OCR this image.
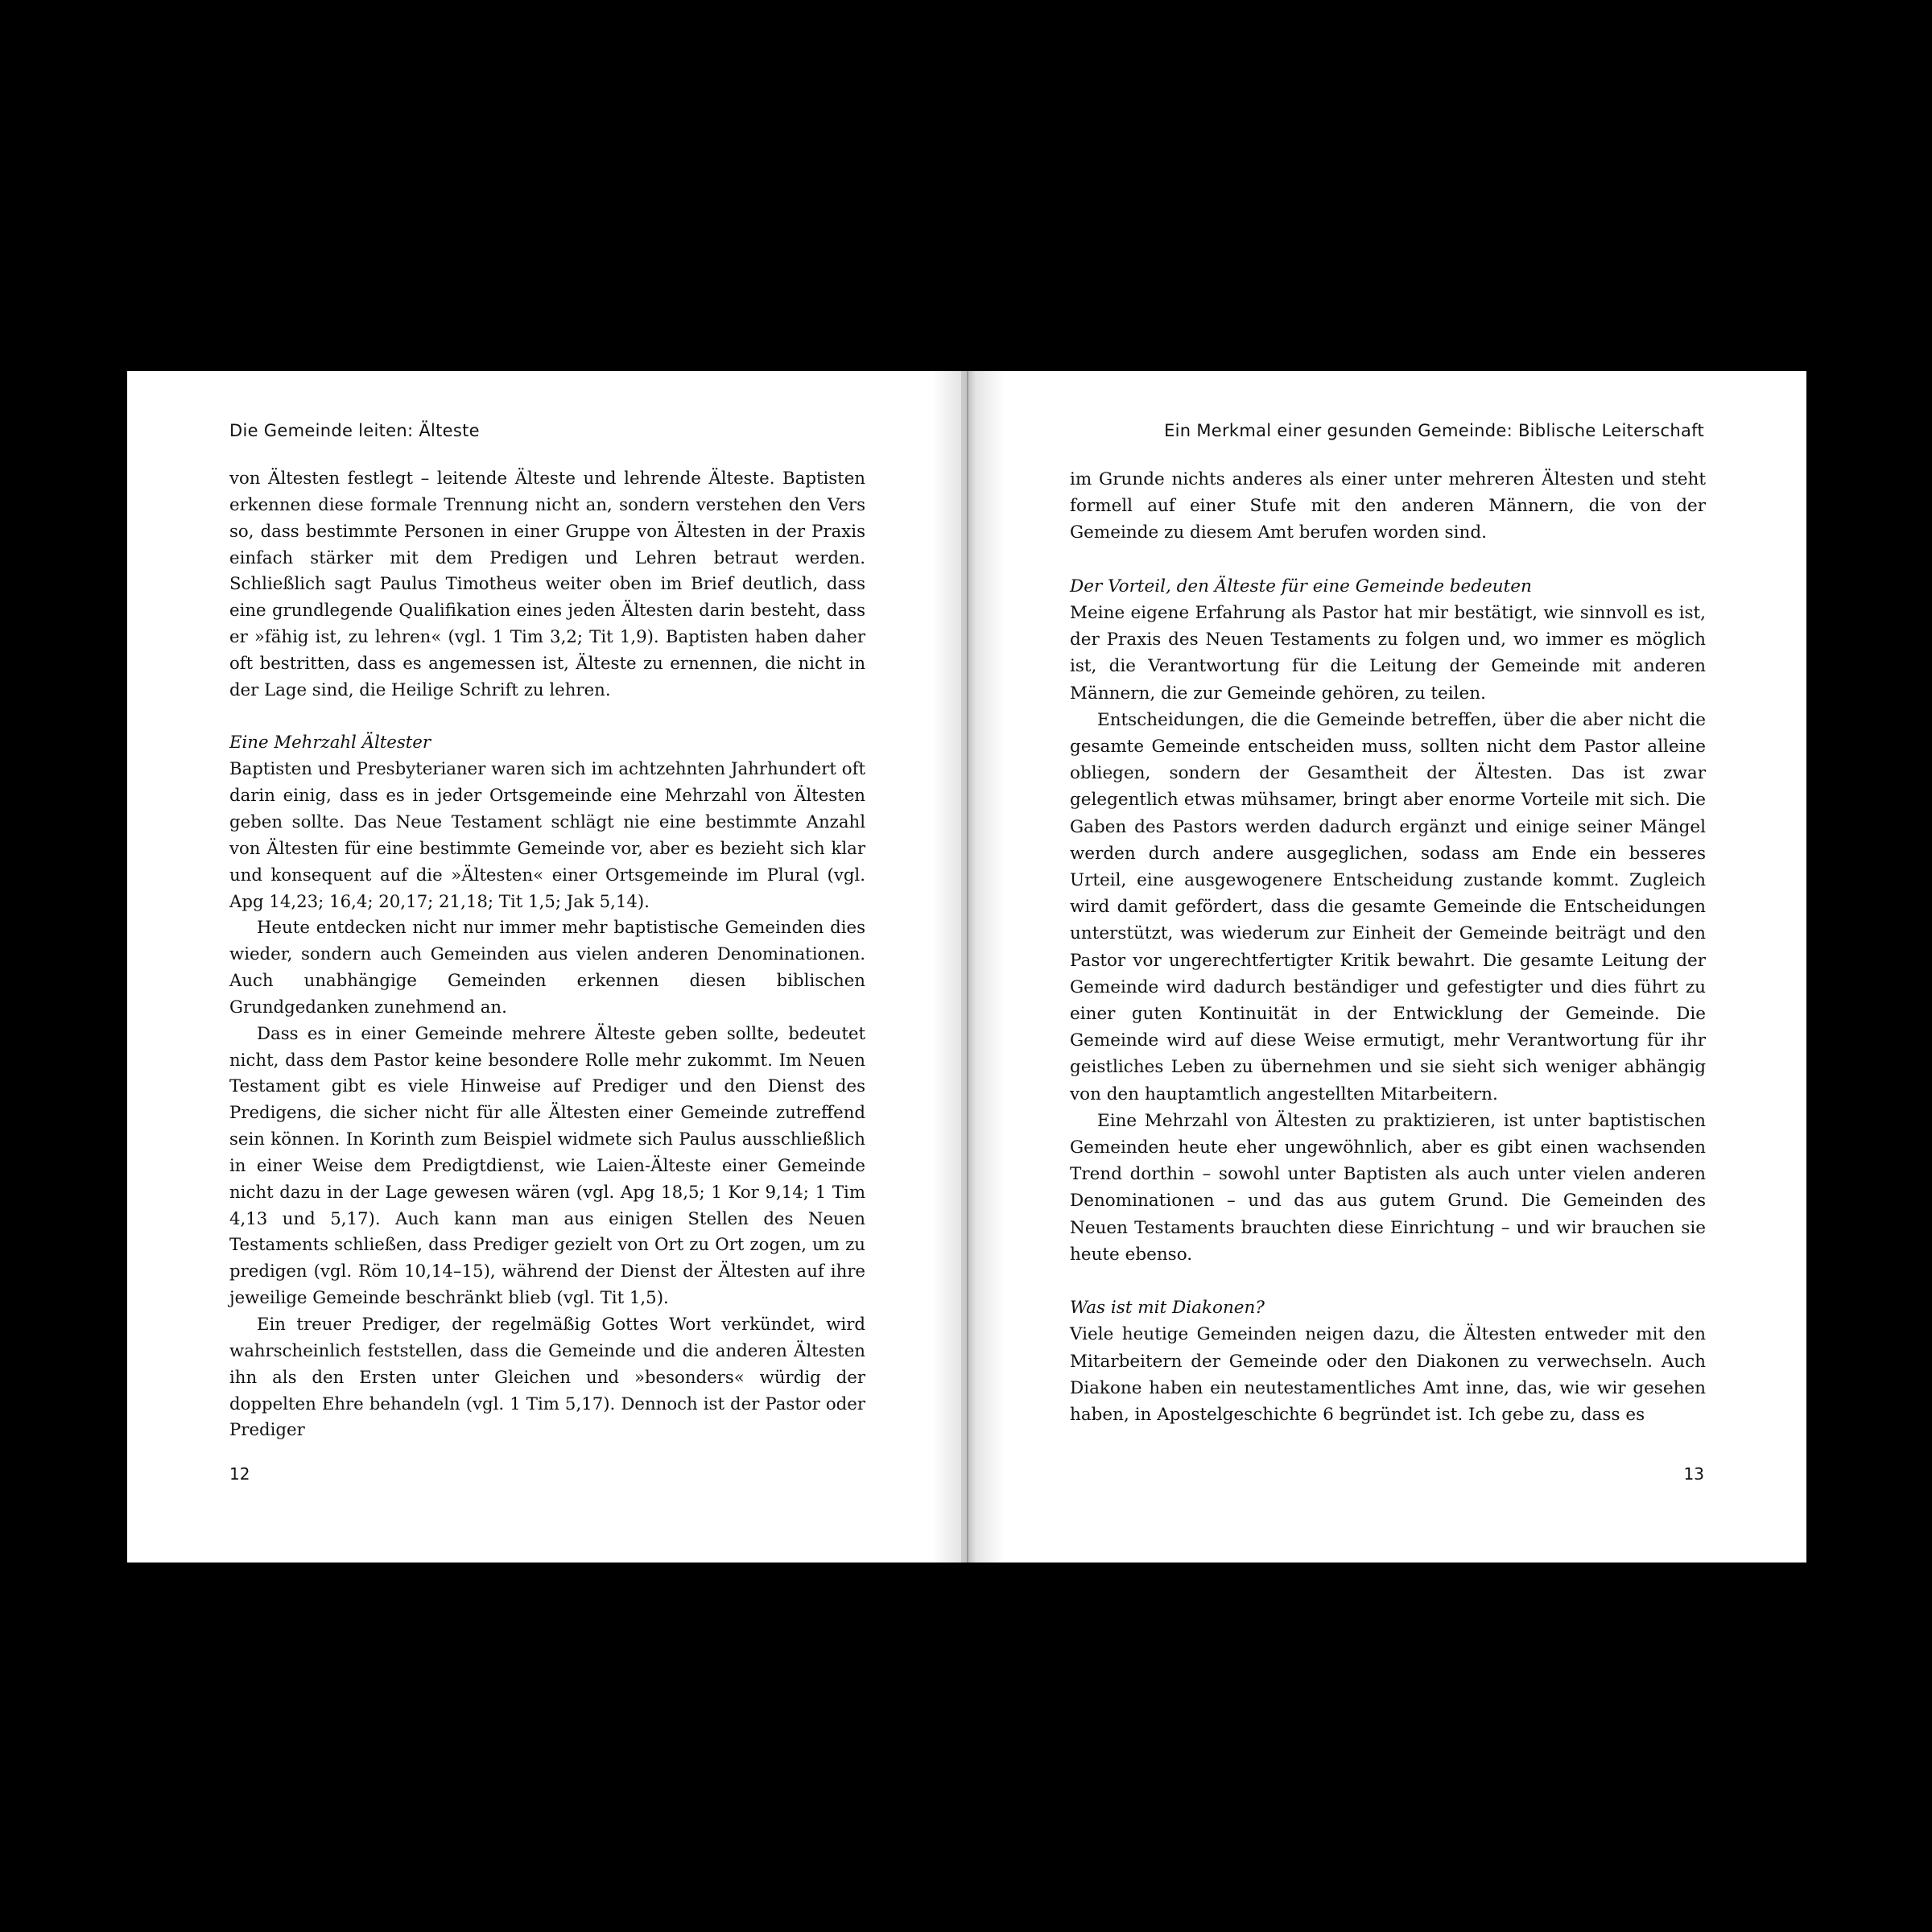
Die Gemeinde leiten: Älteste

von Ältesten festlegt – leitende Älteste und lehrende Älteste. Baptisten erkennen diese formale Trennung nicht an, sondern verstehen den Vers so, dass bestimmte Personen in einer Gruppe von Ältesten in der Praxis einfach stärker mit dem Predigen und Lehren betraut werden. Schließlich sagt Paulus Timotheus weiter oben im Brief deutlich, dass eine grundlegende Qualifikation eines jeden Ältesten darin besteht, dass er »fähig ist, zu lehren« (vgl. 1 Tim 3,2; Tit 1,9). Baptisten haben daher oft bestritten, dass es angemessen ist, Älteste zu ernennen, die nicht in der Lage sind, die Heilige Schrift zu lehren.

Eine Mehrzahl Ältester

Baptisten und Presbyterianer waren sich im achtzehnten Jahrhundert oft darin einig, dass es in jeder Ortsgemeinde eine Mehrzahl von Ältesten geben sollte. Das Neue Testament schlägt nie eine bestimmte Anzahl von Ältesten für eine bestimmte Gemeinde vor, aber es bezieht sich klar und konsequent auf die »Ältesten« einer Ortsgemeinde im Plural (vgl. Apg 14,23; 16,4; 20,17; 21,18; Tit 1,5; Jak 5,14).

Heute entdecken nicht nur immer mehr baptistische Gemeinden dies wieder, sondern auch Gemeinden aus vielen anderen Denominationen. Auch unabhängige Gemeinden erkennen diesen biblischen Grundgedanken zunehmend an.

Dass es in einer Gemeinde mehrere Älteste geben sollte, bedeutet nicht, dass dem Pastor keine besondere Rolle mehr zukommt. Im Neuen Testament gibt es viele Hinweise auf Prediger und den Dienst des Predigens, die sicher nicht für alle Ältesten einer Gemeinde zutreffend sein können. In Korinth zum Beispiel widmete sich Paulus ausschließlich in einer Weise dem Predigtdienst, wie Laien-Älteste einer Gemeinde nicht dazu in der Lage gewesen wären (vgl. Apg 18,5; 1 Kor 9,14; 1 Tim 4,13 und 5,17). Auch kann man aus einigen Stellen des Neuen Testaments schließen, dass Prediger gezielt von Ort zu Ort zogen, um zu predigen (vgl. Röm 10,14–15), während der Dienst der Ältesten auf ihre jeweilige Gemeinde beschränkt blieb (vgl. Tit 1,5).

Ein treuer Prediger, der regelmäßig Gottes Wort verkündet, wird wahrscheinlich feststellen, dass die Gemeinde und die anderen Ältesten ihn als den Ersten unter Gleichen und »besonders« würdig der doppelten Ehre behandeln (vgl. 1 Tim 5,17). Dennoch ist der Pastor oder Prediger

12
Ein Merkmal einer gesunden Gemeinde: Biblische Leiterschaft

im Grunde nichts anderes als einer unter mehreren Ältesten und steht formell auf einer Stufe mit den anderen Männern, die von der Gemeinde zu diesem Amt berufen worden sind.

Der Vorteil, den Älteste für eine Gemeinde bedeuten

Meine eigene Erfahrung als Pastor hat mir bestätigt, wie sinnvoll es ist, der Praxis des Neuen Testaments zu folgen und, wo immer es möglich ist, die Verantwortung für die Leitung der Gemeinde mit anderen Männern, die zur Gemeinde gehören, zu teilen.

Entscheidungen, die die Gemeinde betreffen, über die aber nicht die gesamte Gemeinde entscheiden muss, sollten nicht dem Pastor alleine obliegen, sondern der Gesamtheit der Ältesten. Das ist zwar gelegentlich etwas mühsamer, bringt aber enorme Vorteile mit sich. Die Gaben des Pastors werden dadurch ergänzt und einige seiner Mängel werden durch andere ausgeglichen, sodass am Ende ein besseres Urteil, eine ausgewogenere Entscheidung zustande kommt. Zugleich wird damit gefördert, dass die gesamte Gemeinde die Entscheidungen unterstützt, was wiederum zur Einheit der Gemeinde beiträgt und den Pastor vor ungerechtfertigter Kritik bewahrt. Die gesamte Leitung der Gemeinde wird dadurch beständiger und gefestigter und dies führt zu einer guten Kontinuität in der Entwicklung der Gemeinde. Die Gemeinde wird auf diese Weise ermutigt, mehr Verantwortung für ihr geistliches Leben zu übernehmen und sie sieht sich weniger abhängig von den hauptamtlich angestellten Mitarbeitern.

Eine Mehrzahl von Ältesten zu praktizieren, ist unter baptistischen Gemeinden heute eher ungewöhnlich, aber es gibt einen wachsenden Trend dorthin – sowohl unter Baptisten als auch unter vielen anderen Denominationen – und das aus gutem Grund. Die Gemeinden des Neuen Testaments brauchten diese Einrichtung – und wir brauchen sie heute ebenso.

Was ist mit Diakonen?

Viele heutige Gemeinden neigen dazu, die Ältesten entweder mit den Mitarbeitern der Gemeinde oder den Diakonen zu verwechseln. Auch Diakone haben ein neutestamentliches Amt inne, das, wie wir gesehen haben, in Apostelgeschichte 6 begründet ist. Ich gebe zu, dass es

13
